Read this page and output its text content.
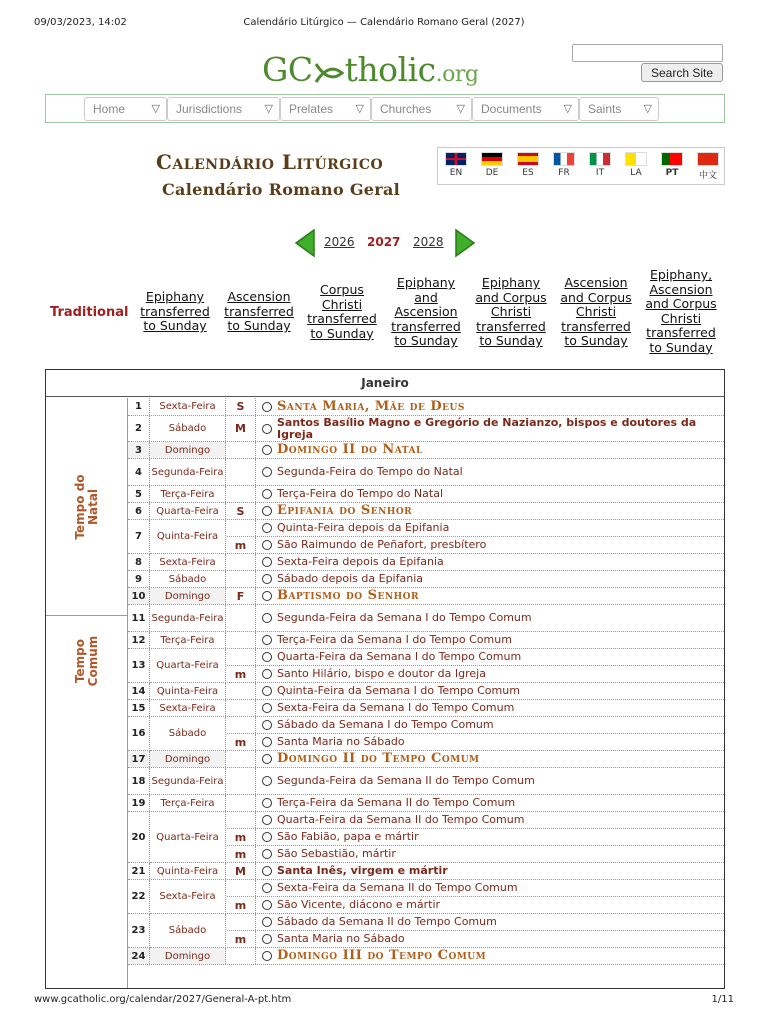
09/03/2023, 14:02	Calendário Litúrgico — Calendário Romano Geral (2027)
GC tholic.org	Search Site
Home ▽	Jurisdictions ▽	Prelates ▽	Churches ▽	Documents ▽	Saints ▽
Calendário Litúrgico
Calendário Romano Geral
EN	DE	ES	FR	IT	LA	PT	中文
2026 2027 2028
Traditional
Epiphany
transferred
to Sunday
Ascension
transferred
to Sunday
Corpus
Christi
transferred
to Sunday
Epiphany
and
Ascension
transferred
to Sunday
Epiphany
and Corpus
Christi
transferred
to Sunday
Ascension
and Corpus
Christi
transferred
to Sunday
Epiphany,
Ascension
and Corpus
Christi
transferred
to Sunday
Janeiro
Tempo do Natal
Tempo Comum
1	Sexta-Feira	S	Santa Maria, Mãe de Deus
2	Sábado	M	Santos Basílio Magno e Gregório de Nazianzo, bispos e doutores da Igreja
3	Domingo	Domingo II do Natal
4 Segunda-Feira	Segunda-Feira do Tempo do Natal
5	Terça-Feira	Terça-Feira do Tempo do Natal
6	Quarta-Feira	S	Epifania do Senhor
7	Quinta-Feira
Quinta-Feira depois da Epifania
m	São Raimundo de Peñafort, presbítero
8	Sexta-Feira	Sexta-Feira depois da Epifania
9	Sábado	Sábado depois da Epifania
10	Domingo	F	Baptismo do Senhor
11 Segunda-Feira	Segunda-Feira da Semana I do Tempo Comum
12	Terça-Feira	Terça-Feira da Semana I do Tempo Comum
13	Quarta-Feira
Quarta-Feira da Semana I do Tempo Comum
m	Santo Hilário, bispo e doutor da Igreja
14	Quinta-Feira	Quinta-Feira da Semana I do Tempo Comum
15	Sexta-Feira	Sexta-Feira da Semana I do Tempo Comum
16	Sábado
Sábado da Semana I do Tempo Comum
m	Santa Maria no Sábado
17	Domingo	Domingo II do Tempo Comum
18 Segunda-Feira	Segunda-Feira da Semana II do Tempo Comum
19	Terça-Feira	Terça-Feira da Semana II do Tempo Comum
20	Quarta-Feira
Quarta-Feira da Semana II do Tempo Comum
m	São Fabião, papa e mártir
m	São Sebastião, mártir
21	Quinta-Feira	M	Santa Inês, virgem e mártir
22	Sexta-Feira
Sexta-Feira da Semana II do Tempo Comum
m	São Vicente, diácono e mártir
23	Sábado
Sábado da Semana II do Tempo Comum
m	Santa Maria no Sábado
24	Domingo	Domingo III do Tempo Comum
www.gcatholic.org/calendar/2027/General-A-pt.htm	1/11
